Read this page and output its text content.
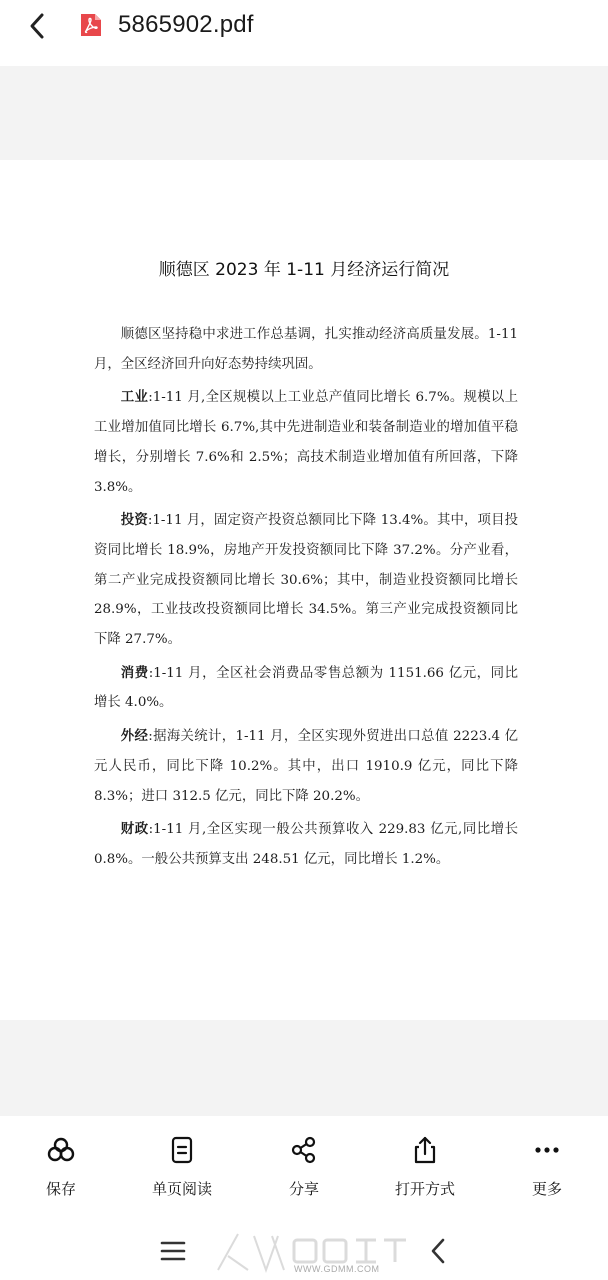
5865902.pdf
顺德区 2023 年 1-11 月经济运行简况

顺德区坚持稳中求进工作总基调，扎实推动经济高质量发展。1-11 月，全区经济回升向好态势持续巩固。

工业:1-11 月,全区规模以上工业总产值同比增长 6.7%。规模以上工业增加值同比增长 6.7%,其中先进制造业和装备制造业的增加值平稳增长，分别增长 7.6%和 2.5%；高技术制造业增加值有所回落，下降 3.8%。

投资:1-11 月，固定资产投资总额同比下降 13.4%。其中，项目投资同比增长 18.9%，房地产开发投资额同比下降 37.2%。分产业看，第二产业完成投资额同比增长 30.6%；其中，制造业投资额同比增长 28.9%，工业技改投资额同比增长 34.5%。第三产业完成投资额同比下降 27.7%。

消费:1-11 月，全区社会消费品零售总额为 1151.66 亿元，同比增长 4.0%。

外经:据海关统计，1-11 月，全区实现外贸进出口总值 2223.4 亿元人民币，同比下降 10.2%。其中，出口 1910.9 亿元，同比下降 8.3%；进口 312.5 亿元，同比下降 20.2%。

财政:1-11 月,全区实现一般公共预算收入 229.83 亿元,同比增长 0.8%。一般公共预算支出 248.51 亿元，同比增长 1.2%。

保存	单页阅读	分享	打开方式	更多
WWW.GDMM.COM
